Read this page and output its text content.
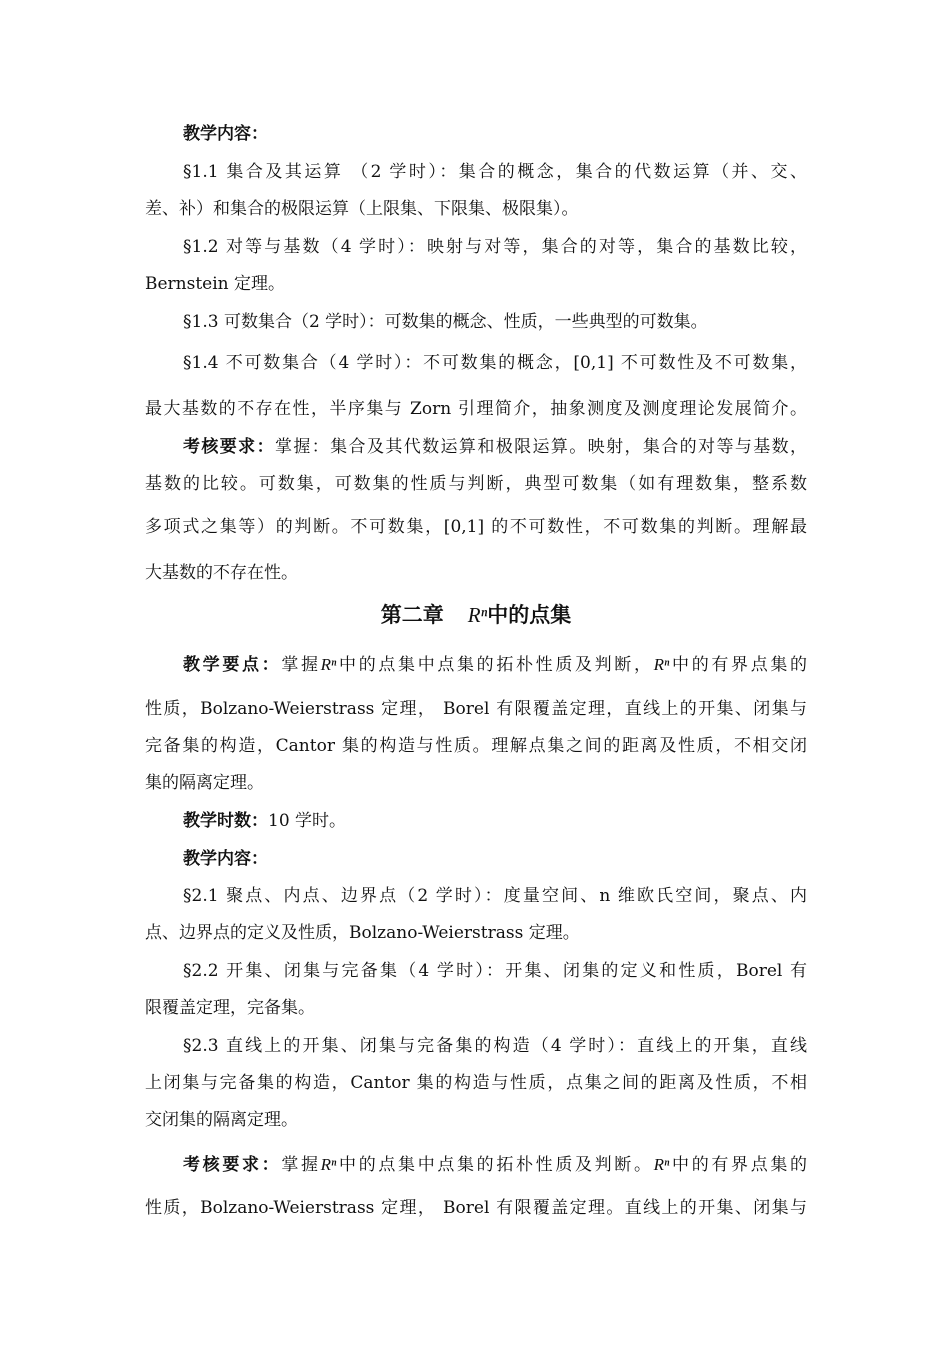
教学内容：

§1.1 集合及其运算 （2 学时）：集合的概念，集合的代数运算（并、交、

差、补）和集合的极限运算（上限集、下限集、极限集）。

§1.2 对等与基数（4 学时）：映射与对等，集合的对等，集合的基数比较，

Bernstein 定理。

§1.3 可数集合（2 学时）：可数集的概念、性质，一些典型的可数集。

§1.4 不可数集合（4 学时）：不可数集的概念，[0,1] 不可数性及不可数集，

最大基数的不存在性，半序集与 Zorn 引理简介，抽象测度及测度理论发展简介。

考核要求：掌握：集合及其代数运算和极限运算。映射，集合的对等与基数，

基数的比较。可数集，可数集的性质与判断，典型可数集（如有理数集，整系数

多项式之集等）的判断。不可数集，[0,1] 的不可数性，不可数集的判断。理解最

大基数的不存在性。

第二章 Rⁿ中的点集

教学要点：掌握Rⁿ中的点集中点集的拓朴性质及判断，Rⁿ中的有界点集的

性质，Bolzano-Weierstrass 定理， Borel 有限覆盖定理，直线上的开集、闭集与

完备集的构造，Cantor 集的构造与性质。理解点集之间的距离及性质，不相交闭

集的隔离定理。

教学时数：10 学时。

教学内容：

§2.1 聚点、内点、边界点（2 学时）：度量空间、n 维欧氏空间，聚点、内

点、边界点的定义及性质，Bolzano-Weierstrass 定理。

§2.2 开集、闭集与完备集（4 学时）：开集、闭集的定义和性质，Borel 有

限覆盖定理，完备集。

§2.3 直线上的开集、闭集与完备集的构造（4 学时）：直线上的开集，直线

上闭集与完备集的构造，Cantor 集的构造与性质，点集之间的距离及性质，不相

交闭集的隔离定理。

考核要求：掌握Rⁿ中的点集中点集的拓朴性质及判断。Rⁿ中的有界点集的

性质，Bolzano-Weierstrass 定理， Borel 有限覆盖定理。直线上的开集、闭集与
